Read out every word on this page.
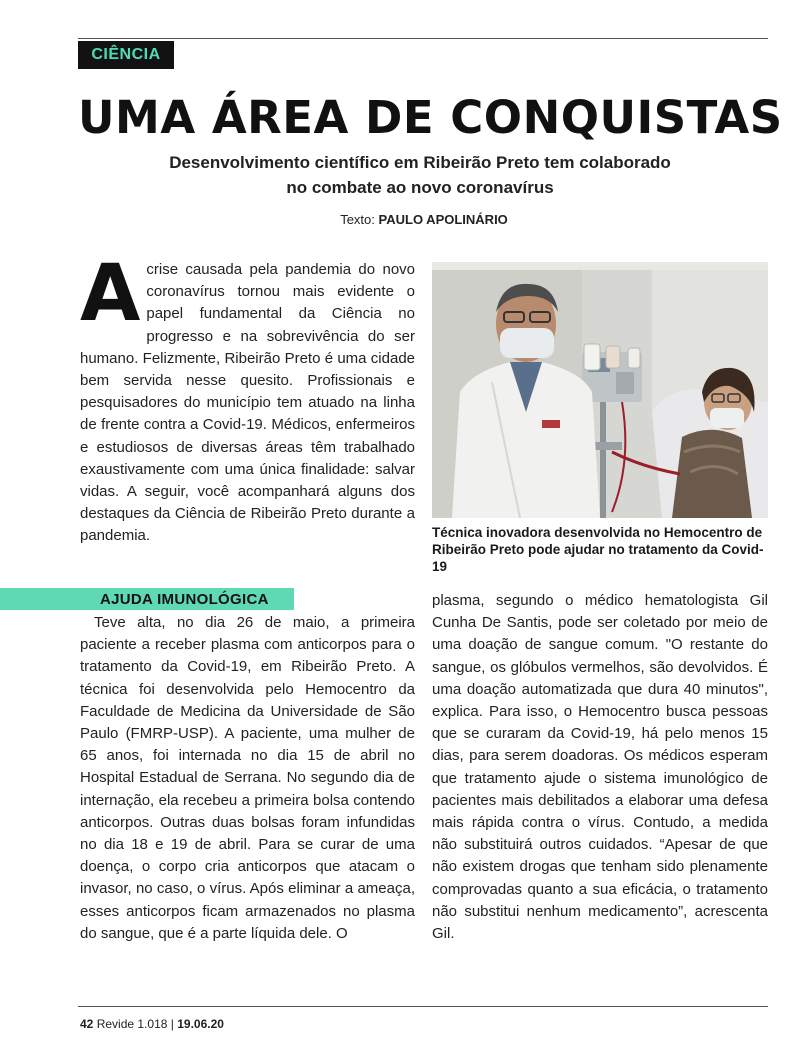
CIÊNCIA
UMA ÁREA DE CONQUISTAS
Desenvolvimento científico em Ribeirão Preto tem colaborado no combate ao novo coronavírus
Texto: PAULO APOLINÁRIO
A crise causada pela pandemia do novo coronavírus tornou mais evidente o papel fundamental da Ciência no progresso e na sobrevivência do ser humano. Felizmente, Ribeirão Preto é uma cidade bem servida nesse quesito. Profissionais e pesquisadores do município tem atuado na linha de frente contra a Covid-19. Médicos, enfermeiros e estudiosos de diversas áreas têm trabalhado exaustivamente com uma única finalidade: salvar vidas. A seguir, você acompanhará alguns dos destaques da Ciência de Ribeirão Preto durante a pandemia.	Técnica inovadora desenvolvida no Hemocentro de Ribeirão Preto pode ajudar no tratamento da Covid-19
AJUDA IMUNOLÓGICA
Teve alta, no dia 26 de maio, a primeira paciente a receber plasma com anticorpos para o tratamento da Covid-19, em Ribeirão Preto. A técnica foi desenvolvida pelo Hemocentro da Faculdade de Medicina da Universidade de São Paulo (FMRP-USP). A paciente, uma mulher de 65 anos, foi internada no dia 15 de abril no Hospital Estadual de Serrana. No segundo dia de internação, ela recebeu a primeira bolsa contendo anticorpos. Outras duas bolsas foram infundidas no dia 18 e 19 de abril. Para se curar de uma doença, o corpo cria anticorpos que atacam o invasor, no caso, o vírus. Após eliminar a ameaça, esses anticorpos ficam armazenados no plasma do sangue, que é a parte líquida dele. O
plasma, segundo o médico hematologista Gil Cunha De Santis, pode ser coletado por meio de uma doação de sangue comum. "O restante do sangue, os glóbulos vermelhos, são devolvidos. É uma doação automatizada que dura 40 minutos", explica. Para isso, o Hemocentro busca pessoas que se curaram da Covid-19, há pelo menos 15 dias, para serem doadoras. Os médicos esperam que tratamento ajude o sistema imunológico de pacientes mais debilitados a elaborar uma defesa mais rápida contra o vírus. Contudo, a medida não substituirá outros cuidados. “Apesar de que não existem drogas que tenham sido plenamente comprovadas quanto a sua eficácia, o tratamento não substitui nenhum medicamento”, acrescenta Gil.
42 Revide 1.018 | 19.06.20
